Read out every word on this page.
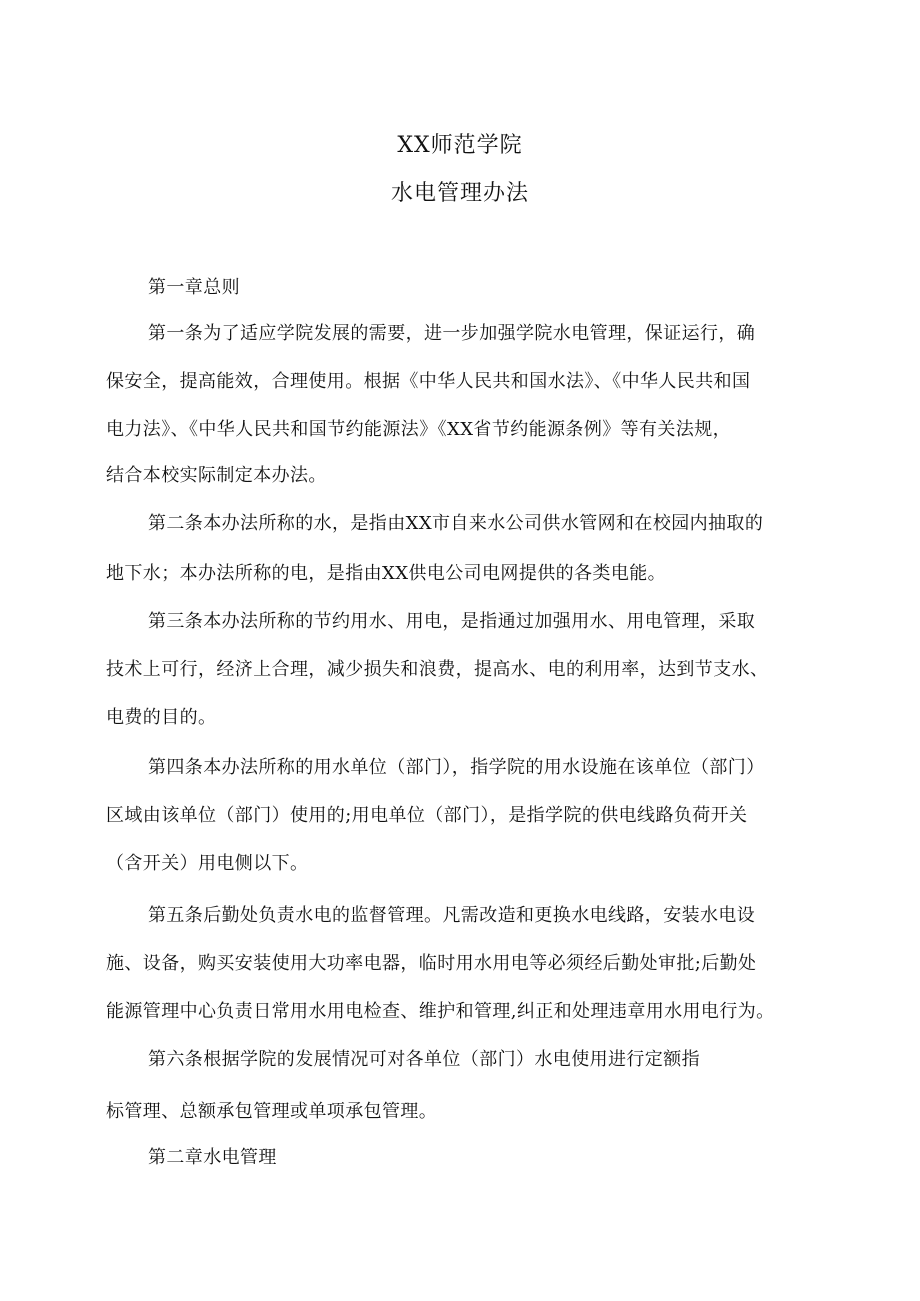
XX师范学院
水电管理办法
第一章总则
第一条为了适应学院发展的需要，进一步加强学院水电管理，保证运行，确
保安全，提高能效，合理使用。根据《中华人民共和国水法》、《中华人民共和国
电力法》、《中华人民共和国节约能源法》《XX省节约能源条例》等有关法规，
结合本校实际制定本办法。
第二条本办法所称的水，是指由XX市自来水公司供水管网和在校园内抽取的
地下水；本办法所称的电，是指由XX供电公司电网提供的各类电能。
第三条本办法所称的节约用水、用电，是指通过加强用水、用电管理，采取
技术上可行，经济上合理，减少损失和浪费，提高水、电的利用率，达到节支水、
电费的目的。
第四条本办法所称的用水单位（部门），指学院的用水设施在该单位（部门）
区域由该单位（部门）使用的;用电单位（部门），是指学院的供电线路负荷开关
（含开关）用电侧以下。
第五条后勤处负责水电的监督管理。凡需改造和更换水电线路，安装水电设
施、设备，购买安装使用大功率电器，临时用水用电等必须经后勤处审批;后勤处
能源管理中心负责日常用水用电检查、维护和管理,纠正和处理违章用水用电行为。
第六条根据学院的发展情况可对各单位（部门）水电使用进行定额指
标管理、总额承包管理或单项承包管理。
第二章水电管理
